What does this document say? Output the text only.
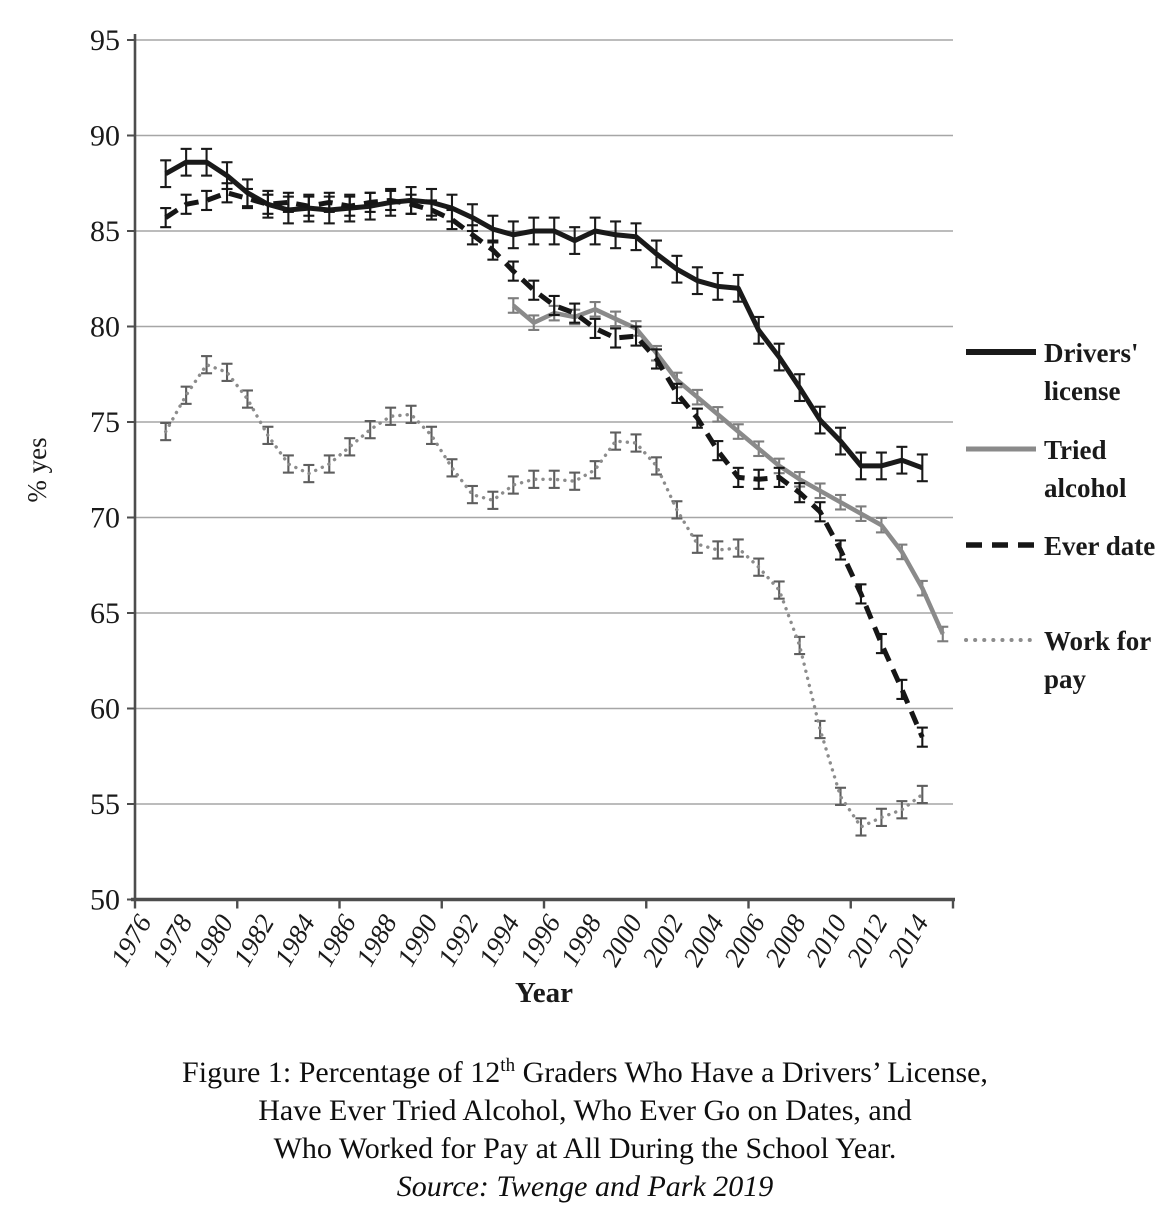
95
90
85
80
75
70
65
60
55
50
1976
1978
1980
1982
1984
1986
1988
1990
1992
1994
1996
1998
2000
2002
2004
2006
2008
2010
2012
2014
Year
% yes
Drivers'
license
Tried
alcohol
Ever date
Work for
pay
Figure 1: Percentage of 12th Graders Who Have a Drivers’ License,
Have Ever Tried Alcohol, Who Ever Go on Dates, and
Who Worked for Pay at All During the School Year.
Source: Twenge and Park 2019
